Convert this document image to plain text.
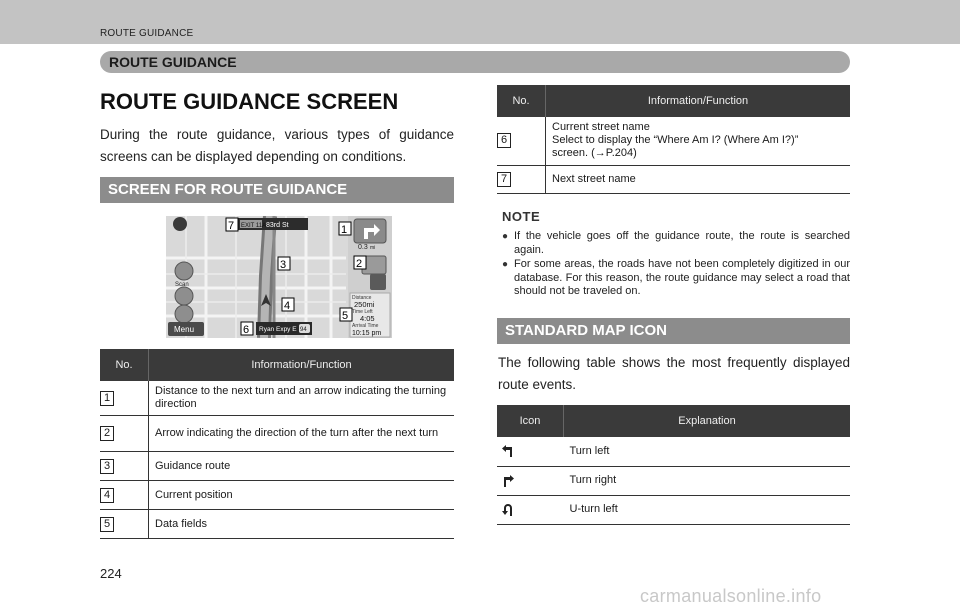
ROUTE GUIDANCE
ROUTE GUIDANCE
ROUTE GUIDANCE SCREEN
During the route guidance, various types of guidance screens can be displayed depending on conditions.
SCREEN FOR ROUTE GUIDANCE
EXIT 11A 83rd St
Scan
Menu	Ryan Expy E 94
0.3 mi
Distance
250mi
Time Left
4:05
Arrival Time
10:15 pm
7	1
2
3
4
5
6
No.	Information/Function
1	Distance to the next turn and an arrow indicating the turning direction
2	Arrow indicating the direction of the turn after the next turn
3	Guidance route
4	Current position
5	Data fields
No.	Information/Function
6	Current street name
Select to display the “Where Am I? (Where Am I?)”
screen. (→P.204)

7	Next street name
NOTE
● If the vehicle goes off the guidance route, the route is searched again.
● For some areas, the roads have not been completely digitized in our database. For this reason, the route guidance may select a road that should not be traveled on.
STANDARD MAP ICON
The following table shows the most frequently displayed route events.
Icon	Explanation
	Turn left
	Turn right
	U-turn left
224
carmanualsonline.info
